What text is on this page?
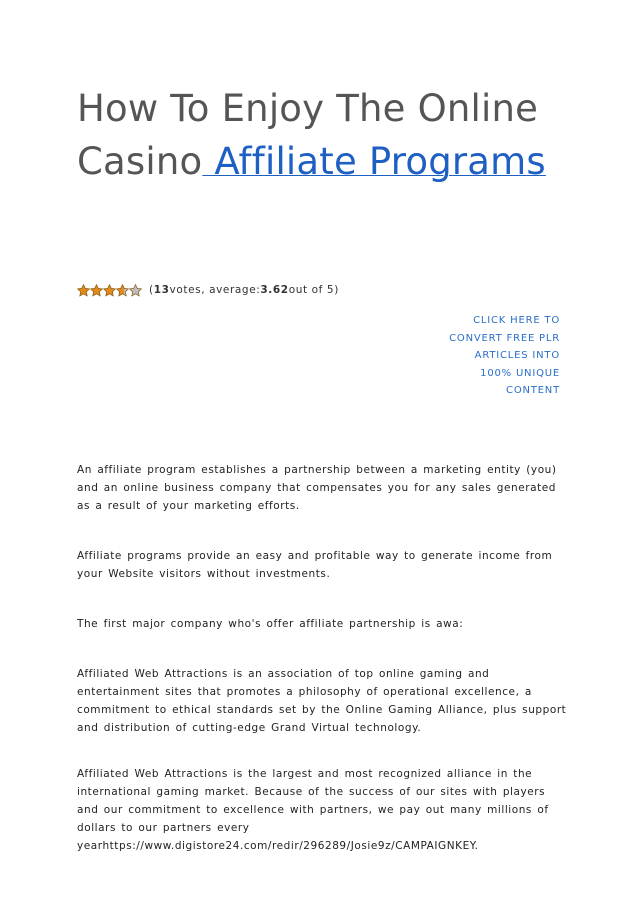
How To Enjoy The Online Casino Affiliate Programs
( 13 votes, average: 3.62 out of 5)
CLICK HERE TO CONVERT FREE PLR ARTICLES INTO 100% UNIQUE CONTENT

An affiliate program establishes a partnership between a marketing entity (you) and an online business company that compensates you for any sales generated as a result of your marketing efforts.

Affiliate programs provide an easy and profitable way to generate income from your Website visitors without investments.

The first major company who's offer affiliate partnership is awa:

Affiliated Web Attractions is an association of top online gaming and entertainment sites that promotes a philosophy of operational excellence, a commitment to ethical standards set by the Online Gaming Alliance, plus support and distribution of cutting-edge Grand Virtual technology.

Affiliated Web Attractions is the largest and most recognized alliance in the international gaming market. Because of the success of our sites with players and our commitment to excellence with partners, we pay out many millions of dollars to our partners every yearhttps://www.digistore24.com/redir/296289/Josie9z/CAMPAIGNKEY.
